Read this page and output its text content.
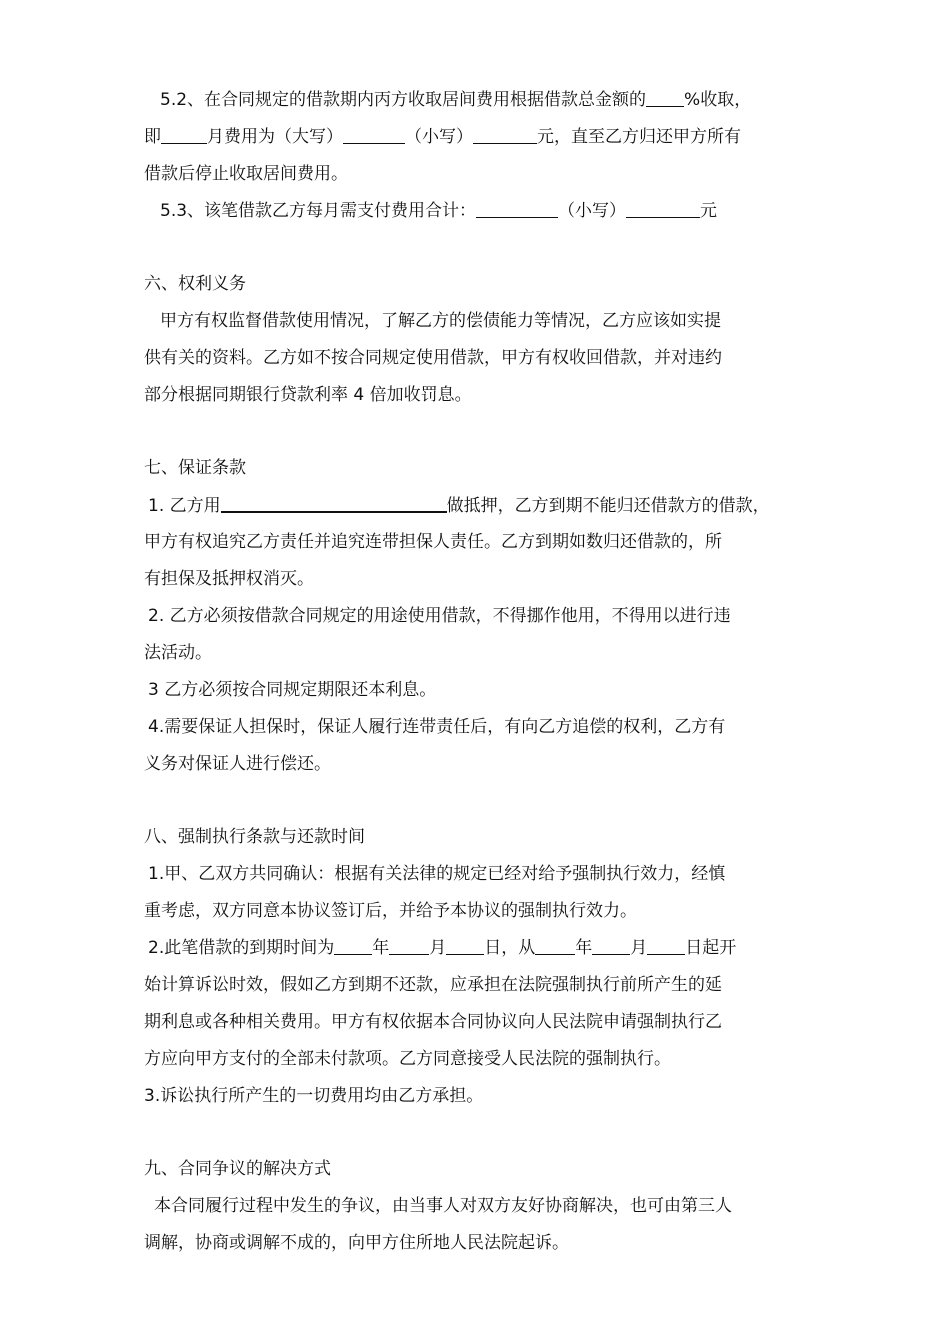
5.2、在合同规定的借款期内丙方收取居间费用根据借款总金额的 %收取，
即	月费用为（大写）	（小写）	元，直至乙方归还甲方所有
借款后停止收取居间费用。
5.3、该笔借款乙方每月需支付费用合计：	（小写）	元
六、权利义务
甲方有权监督借款使用情况，了解乙方的偿债能力等情况，乙方应该如实提
供有关的资料。乙方如不按合同规定使用借款，甲方有权收回借款，并对违约
部分根据同期银行贷款利率 4 倍加收罚息。
七、保证条款
1. 乙方用	做抵押，乙方到期不能归还借款方的借款，
甲方有权追究乙方责任并追究连带担保人责任。乙方到期如数归还借款的，所
有担保及抵押权消灭。
2. 乙方必须按借款合同规定的用途使用借款，不得挪作他用，不得用以进行违
法活动。
3 乙方必须按合同规定期限还本利息。
4.需要保证人担保时，保证人履行连带责任后，有向乙方追偿的权利，乙方有
义务对保证人进行偿还。
八、强制执行条款与还款时间
1.甲、乙双方共同确认：根据有关法律的规定已经对给予强制执行效力，经慎
重考虑，双方同意本协议签订后，并给予本协议的强制执行效力。
2.此笔借款的到期时间为 年 月 日，从 年 月 日起开
始计算诉讼时效，假如乙方到期不还款，应承担在法院强制执行前所产生的延
期利息或各种相关费用。甲方有权依据本合同协议向人民法院申请强制执行乙
方应向甲方支付的全部未付款项。乙方同意接受人民法院的强制执行。
3.诉讼执行所产生的一切费用均由乙方承担。
九、合同争议的解决方式
本合同履行过程中发生的争议，由当事人对双方友好协商解决，也可由第三人
调解，协商或调解不成的，向甲方住所地人民法院起诉。
